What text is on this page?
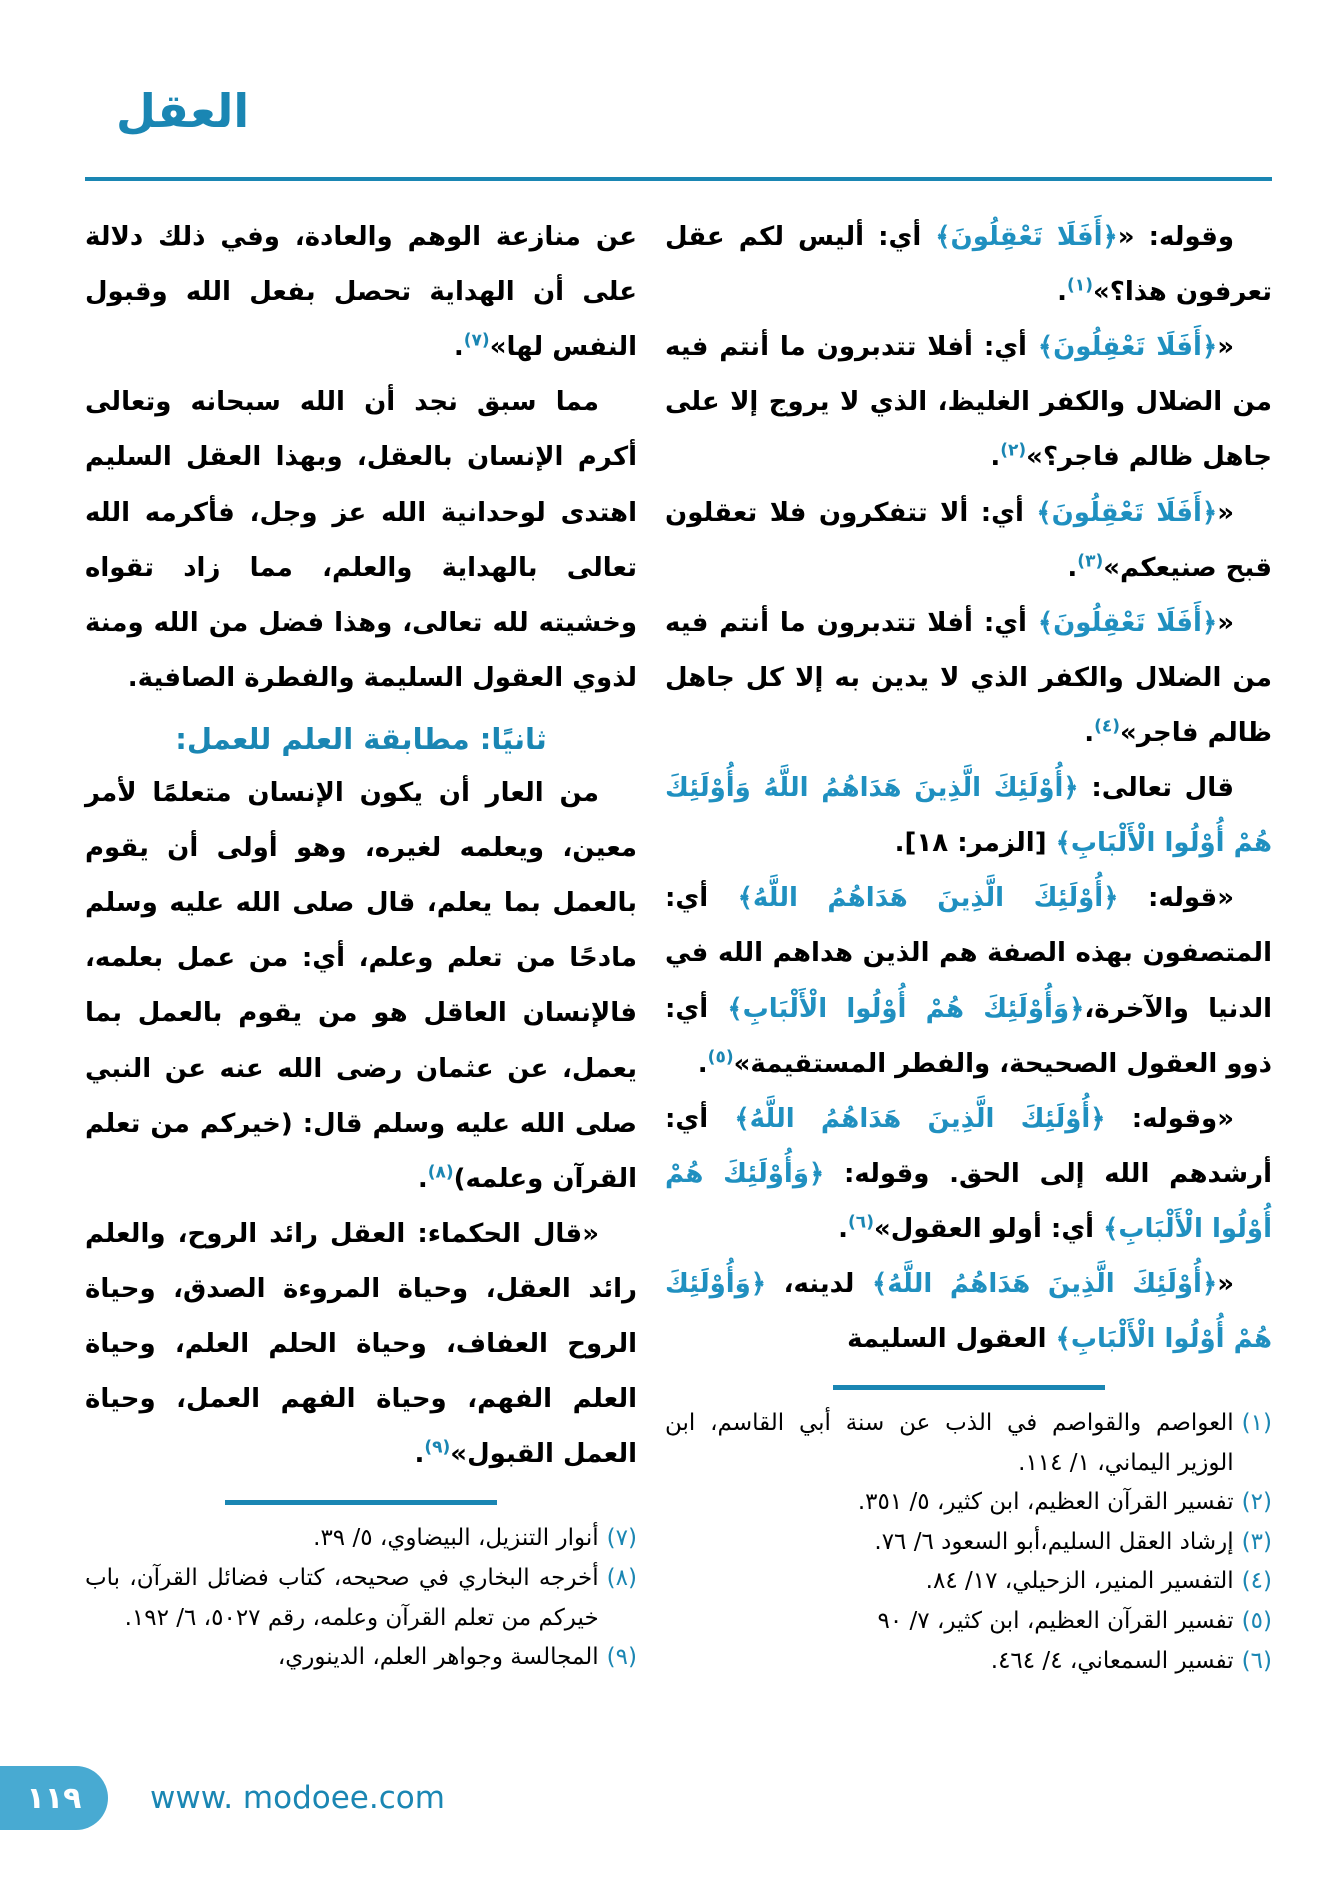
العقل

وقوله: «﴿أَفَلَا تَعْقِلُونَ﴾ أي: أليس لكم عقل تعرفون هذا؟»$^{(١)}$.

«﴿أَفَلَا تَعْقِلُونَ﴾ أي: أفلا تتدبرون ما أنتم فيه من الضلال والكفر الغليظ، الذي لا يروج إلا على جاهل ظالم فاجر؟»$^{(٢)}$.

«﴿أَفَلَا تَعْقِلُونَ﴾ أي: ألا تتفكرون فلا تعقلون قبح صنيعكم»$^{(٣)}$.

«﴿أَفَلَا تَعْقِلُونَ﴾ أي: أفلا تتدبرون ما أنتم فيه من الضلال والكفر الذي لا يدين به إلا كل جاهل ظالم فاجر»$^{(٤)}$.

قال تعالى: ﴿أُوْلَئِكَ الَّذِينَ هَدَاهُمُ اللَّهُ وَأُوْلَئِكَ هُمْ أُوْلُوا الْأَلْبَابِ﴾ [الزمر: ١٨].

«قوله: ﴿أُوْلَئِكَ الَّذِينَ هَدَاهُمُ اللَّهُ﴾ أي: المتصفون بهذه الصفة هم الذين هداهم الله في الدنيا والآخرة،﴿وَأُوْلَئِكَ هُمْ أُوْلُوا الْأَلْبَابِ﴾ أي: ذوو العقول الصحيحة، والفطر المستقيمة»$^{(٥)}$.

«وقوله: ﴿أُوْلَئِكَ الَّذِينَ هَدَاهُمُ اللَّهُ﴾ أي: أرشدهم الله إلى الحق. وقوله: ﴿وَأُوْلَئِكَ هُمْ أُوْلُوا الْأَلْبَابِ﴾ أي: أولو العقول»$^{(٦)}$.

«﴿أُوْلَئِكَ الَّذِينَ هَدَاهُمُ اللَّهُ﴾ لدينه، ﴿وَأُوْلَئِكَ هُمْ أُوْلُوا الْأَلْبَابِ﴾ العقول السليمة

(١)
العواصم والقواصم في الذب عن سنة أبي القاسم، ابن الوزير اليماني، ١/ ١١٤.
(٢)
تفسير القرآن العظيم، ابن كثير، ٥/ ٣٥١.
(٣)
إرشاد العقل السليم،أبو السعود ٦/ ٧٦.
(٤)
التفسير المنير، الزحيلي، ١٧/ ٨٤.
(٥)
تفسير القرآن العظيم، ابن كثير، ٧/ ٩٠
(٦)
تفسير السمعاني، ٤/ ٤٦٤.

عن منازعة الوهم والعادة، وفي ذلك دلالة على أن الهداية تحصل بفعل الله وقبول النفس لها»$^{(٧)}$.

مما سبق نجد أن الله سبحانه وتعالى أكرم الإنسان بالعقل، وبهذا العقل السليم اهتدى لوحدانية الله عز وجل، فأكرمه الله تعالى بالهداية والعلم، مما زاد تقواه وخشيته لله تعالى، وهذا فضل من الله ومنة لذوي العقول السليمة والفطرة الصافية.

ثانيًا: مطابقة العلم للعمل:

من العار أن يكون الإنسان متعلمًا لأمر معين، ويعلمه لغيره، وهو أولى أن يقوم بالعمل بما يعلم، قال صلى الله عليه وسلم مادحًا من تعلم وعلم، أي: من عمل بعلمه، فالإنسان العاقل هو من يقوم بالعمل بما يعمل، عن عثمان رضى الله عنه عن النبي صلى الله عليه وسلم قال: (خيركم من تعلم القرآن وعلمه)$^{(٨)}$.

«قال الحكماء: العقل رائد الروح، والعلم رائد العقل، وحياة المروءة الصدق، وحياة الروح العفاف، وحياة الحلم العلم، وحياة العلم الفهم، وحياة الفهم العمل، وحياة العمل القبول»$^{(٩)}$.

(٧)
أنوار التنزيل، البيضاوي، ٥/ ٣٩.
(٨)
أخرجه البخاري في صحيحه، كتاب فضائل القرآن، باب خيركم من تعلم القرآن وعلمه، رقم ٥٠٢٧، ٦/ ١٩٢.
(٩)
المجالسة وجواهر العلم، الدينوري،
١١٩ www. modoee.com
